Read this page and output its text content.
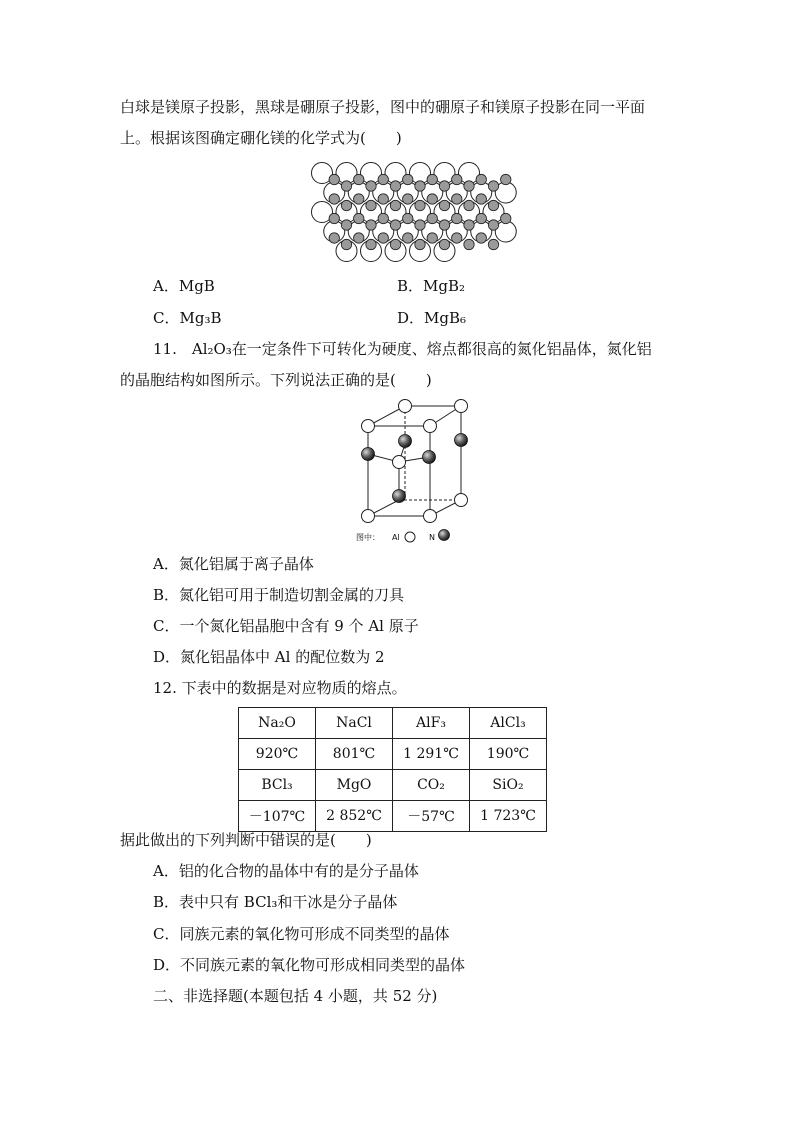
白球是镁原子投影，黑球是硼原子投影，图中的硼原子和镁原子投影在同一平面
上。根据该图确定硼化镁的化学式为(　　)
A．MgB	B．MgB₂
C．Mg₃B	D．MgB₆
11.　Al₂O₃在一定条件下可转化为硬度、熔点都很高的氮化铝晶体，氮化铝
的晶胞结构如图所示。下列说法正确的是(　　)
图中： Al	N
A．氮化铝属于离子晶体
B．氮化铝可用于制造切割金属的刀具
C．一个氮化铝晶胞中含有 9 个 Al 原子
D．氮化铝晶体中 Al 的配位数为 2
12. 下表中的数据是对应物质的熔点。
Na₂O	NaCl	AlF₃	AlCl₃
920℃	801℃	1 291℃	190℃
BCl₃	MgO	CO₂	SiO₂
－107℃	2 852℃	－57℃	1 723℃
据此做出的下列判断中错误的是(　　)
A．铝的化合物的晶体中有的是分子晶体
B．表中只有 BCl₃和干冰是分子晶体
C．同族元素的氧化物可形成不同类型的晶体
D．不同族元素的氧化物可形成相同类型的晶体
二、非选择题(本题包括 4 小题，共 52 分)
